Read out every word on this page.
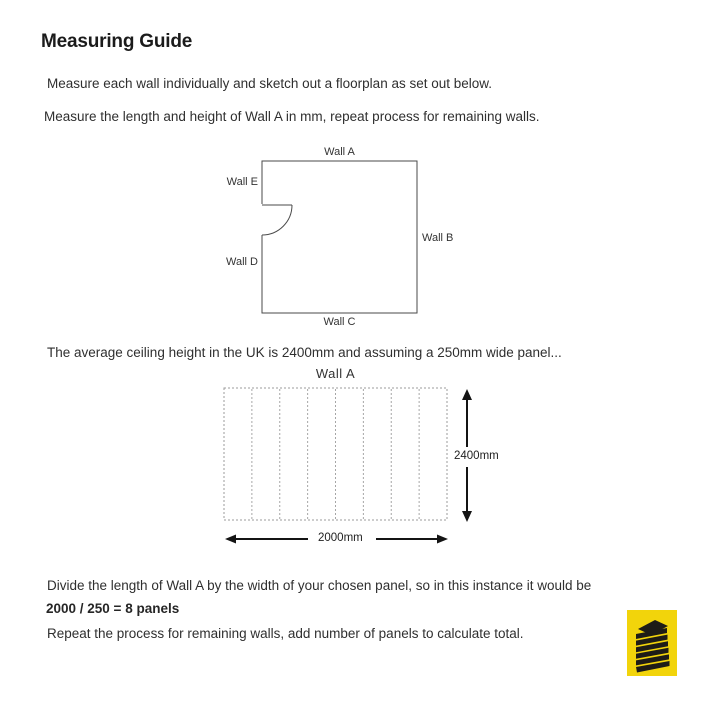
Measuring Guide
Measure each wall individually and sketch out a floorplan as set out below.
Measure the length and height of Wall A in mm, repeat process for remaining walls.
The average ceiling height in the UK is 2400mm and assuming a 250mm wide panel...
Divide the length of Wall A by the width of your chosen panel, so in this instance it would be
2000 / 250 = 8 panels
Repeat the process for remaining walls, add number of panels to calculate total.
Wall A
Wall E
Wall B
Wall D
Wall C
Wall A
2400mm
2000mm
